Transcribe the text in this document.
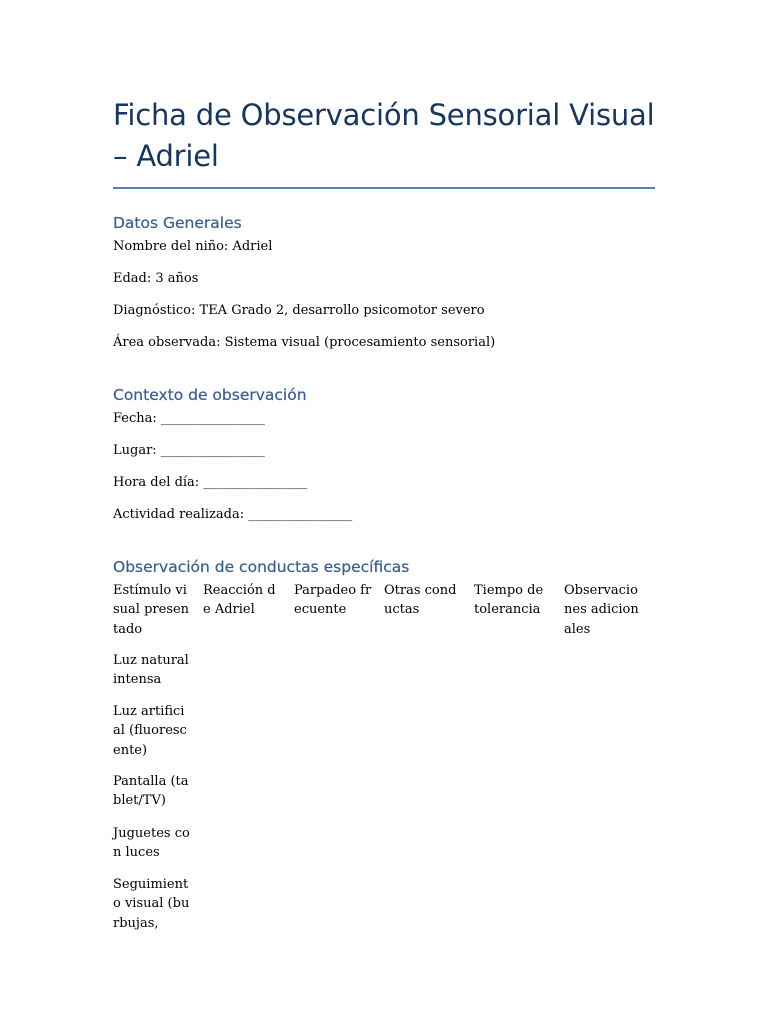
Ficha de Observación Sensorial Visual – Adriel
Datos Generales

Nombre del niño: Adriel

Edad: 3 años

Diagnóstico: TEA Grado 2, desarrollo psicomotor severo

Área observada: Sistema visual (procesamiento sensorial)

Contexto de observación

Fecha: ________________

Lugar: ________________

Hora del día: ________________

Actividad realizada: ________________

Observación de conductas específicas
Estímulo visual presentado
Reacción de Adriel
Parpadeo frecuente
Otras conductas
Tiempo de tolerancia
Observaciones adicionales
Luz natural intensa
Luz artificial (fluorescente)
Pantalla (tablet/TV)
Juguetes con luces
Seguimiento visual (burbujas,
